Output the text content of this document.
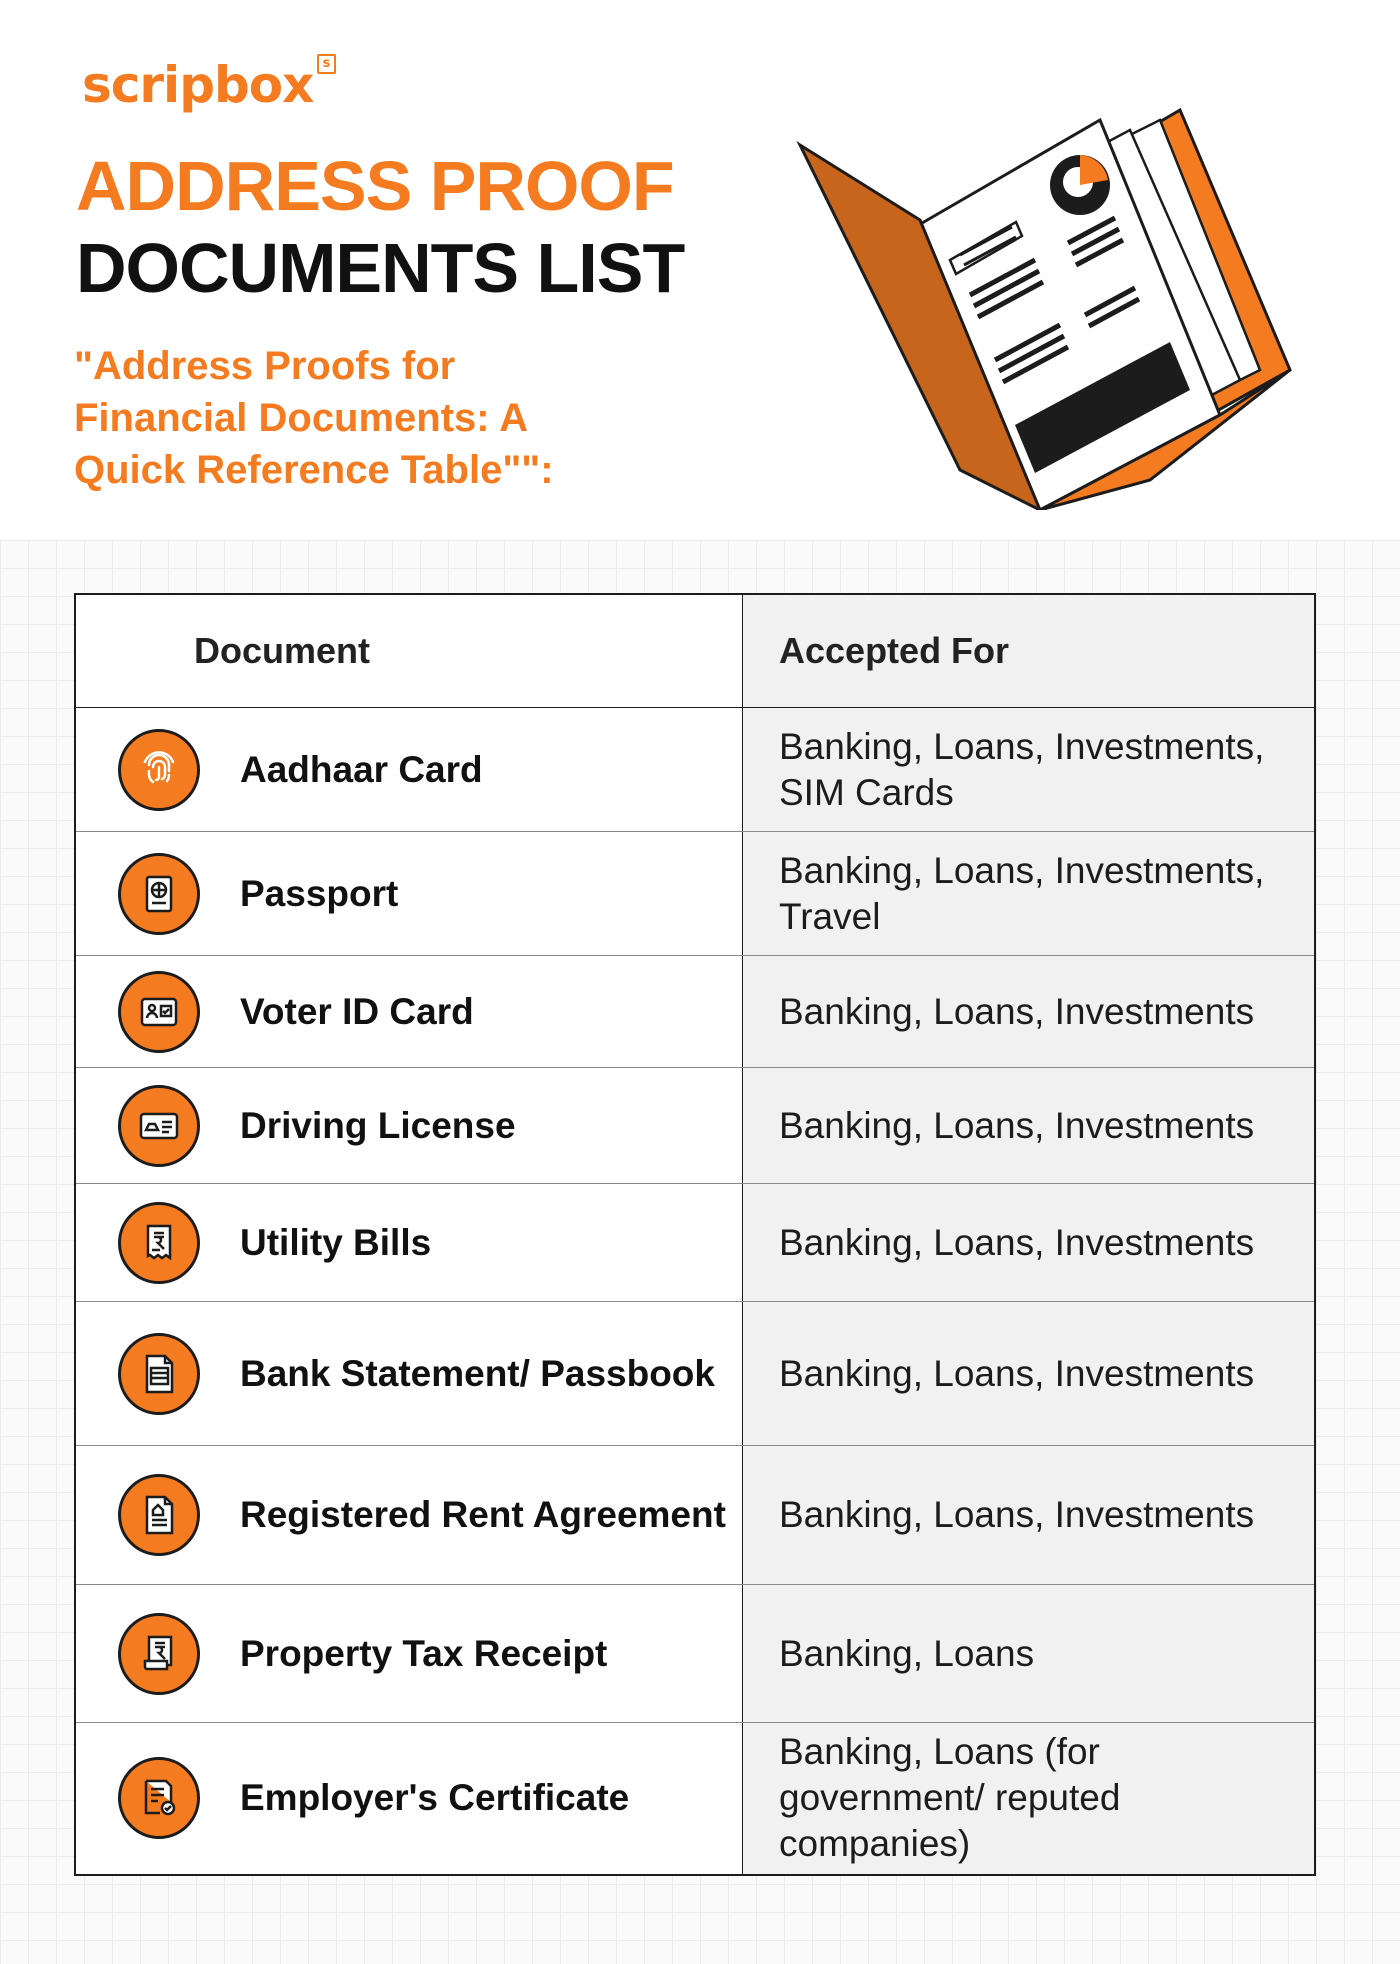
scripbox s
ADDRESS PROOF
DOCUMENTS LIST
"Address Proofs for Financial Documents: A Quick Reference Table"":
Document	Accepted For

Aadhaar Card	Banking, Loans, Investments, SIM Cards

Passport	Banking, Loans, Investments, Travel

Voter ID Card	Banking, Loans, Investments

Driving License	Banking, Loans, Investments

Utility Bills	Banking, Loans, Investments

Bank Statement/ Passbook	Banking, Loans, Investments

Registered Rent Agreement	Banking, Loans, Investments

Property Tax Receipt	Banking, Loans

Employer's Certificate	Banking, Loans (for government/ reputed companies)
